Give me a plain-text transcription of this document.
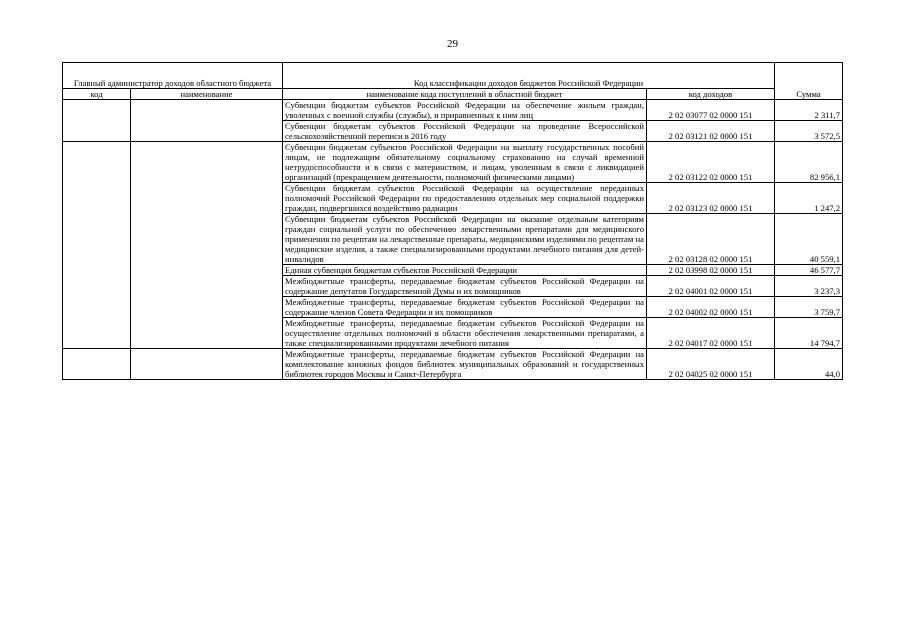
29
Главный администратор доходов областного бюджета		Код классификации доходов бюджетов Российской Федерации		Сумма
код	наименование	наименование кода поступлений в областной бюджет	код доходов	
		Субвенции бюджетам субъектов Российской Федерации на обеспечение жильем граждан, уволенных с военной службы (службы), и приравненных к ним лиц	2 02 03077 02 0000 151	2 311,7
		Субвенции бюджетам субъектов Российской Федерации на проведение Всероссийской сельскохозяйственной переписи в 2016 году	2 02 03121 02 0000 151	3 572,5
		Субвенции бюджетам субъектов Российской Федерации на выплату государственных пособий лицам, не подлежащим обязательному социальному страхованию на случай временной нетрудоспособности и в связи с материнством, и лицам, уволенным в связи с ликвидацией организаций (прекращением деятельности, полномочий физическими лицами)	2 02 03122 02 0000 151	82 956,1
		Субвенции бюджетам субъектов Российской Федерации на осуществление переданных полномочий Российской Федерации по предоставлению отдельных мер социальной поддержки граждан, подвергшихся воздействию радиации	2 02 03123 02 0000 151	1 247,2
		Субвенции бюджетам субъектов Российской Федерации на оказание отдельным категориям граждан социальной услуги по обеспечению лекарственными препаратами для медицинского применения по рецептам на лекарственные препараты, медицинскими изделиями по рецептам на медицинские изделия, а также специализированными продуктами лечебного питания для детей-инвалидов	2 02 03128 02 0000 151	40 559,1
		Единая субвенция бюджетам субъектов Российской Федерации	2 02 03998 02 0000 151	46 577,7
		Межбюджетные трансферты, передаваемые бюджетам субъектов Российской Федерации на содержание депутатов Государственной Думы и их помощников	2 02 04001 02 0000 151	3 237,3
		Межбюджетные трансферты, передаваемые бюджетам субъектов Российской Федерации на содержание членов Совета Федерации и их помощников	2 02 04002 02 0000 151	3 759,7
		Межбюджетные трансферты, передаваемые бюджетам субъектов Российской Федерации на осуществление отдельных полномочий в области обеспечения лекарственными препаратами, а также специализированными продуктами лечебного питания	2 02 04017 02 0000 151	14 794,7
		Межбюджетные трансферты, передаваемые бюджетам субъектов Российской Федерации на комплектование книжных фондов библиотек муниципальных образований и государственных библиотек городов Москвы и Санкт-Петербурга	2 02 04025 02 0000 151	44,0
